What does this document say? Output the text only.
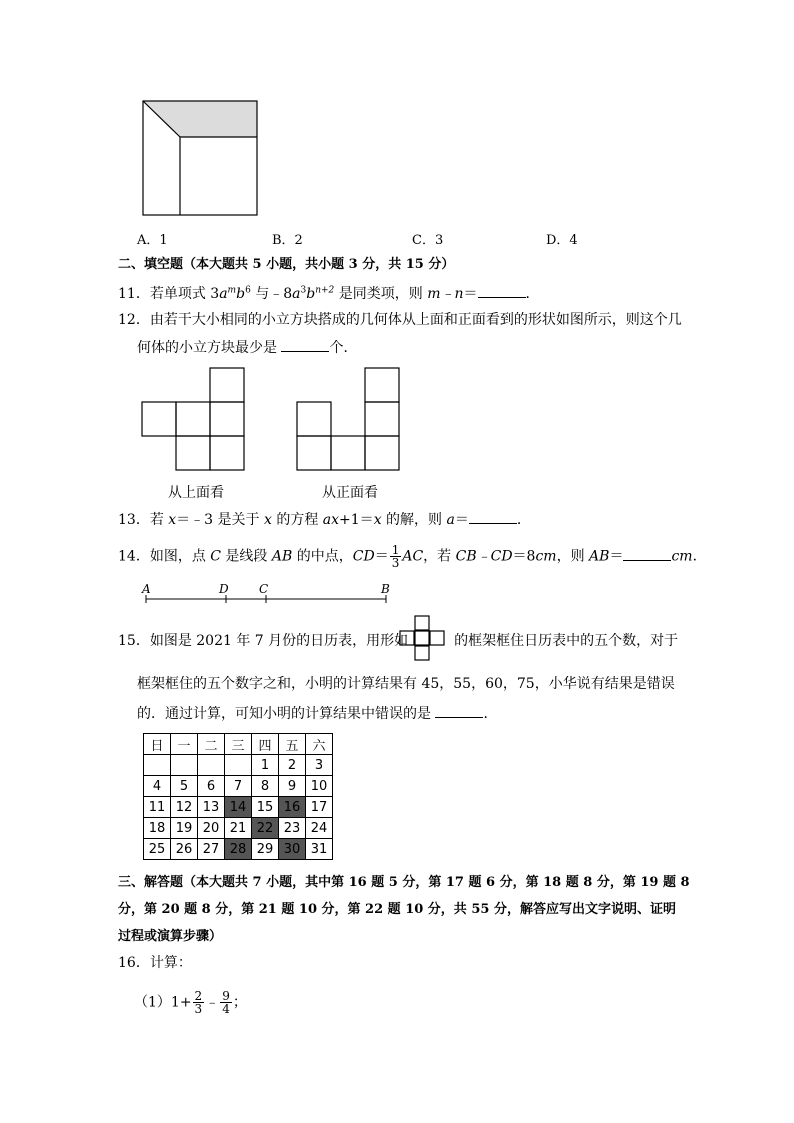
A．1	B．2	C．3	D．4
二、填空题（本大题共 5 小题，共小题 3 分，共 15 分）
11．若单项式 $3a^mb^6$ 与$﹣8a^3b^{n+2}$ 是同类项，则 m﹣n＝	．
12．由若干大小相同的小立方块搭成的几何体从上面和正面看到的形状如图所示，则这个几
何体的小立方块最少是	个．
从上面看	从正面看
13．若 x＝﹣3 是关于 x 的方程 ax+1＝x 的解，则 a＝	．
14．如图，点 C 是线段 AB 的中点，$CD= \frac{1}{3}$ AC，若 CB﹣CD＝8cm，则 AB＝	cm．
A	D	C	B
15．如图是 2021 年 7 月份的日历表，用形如	的框架框住日历表中的五个数，对于
框架框住的五个数字之和，小明的计算结果有 45，55，60，75，小华说有结果是错误
的．通过计算，可知小明的计算结果中错误的是	．
日	一	二	三	四	五	六
				1	2	3
4	5	6	7	8	9	10
11	12	13	14	15	16	17
18	19	20	21	22	23	24
25	26	27	28	29	30	31
三、解答题（本大题共 7 小题，其中第 16 题 5 分，第 17 题 6 分，第 18 题 8 分，第 19 题 8
分，第 20 题 8 分，第 21 题 10 分，第 22 题 10 分，共 55 分，解答应写出文字说明、证明
过程或演算步骤）
16．计算：
$(1)1+ \frac{2}{3}$ ﹣ $\frac{9}{4}$ ；
